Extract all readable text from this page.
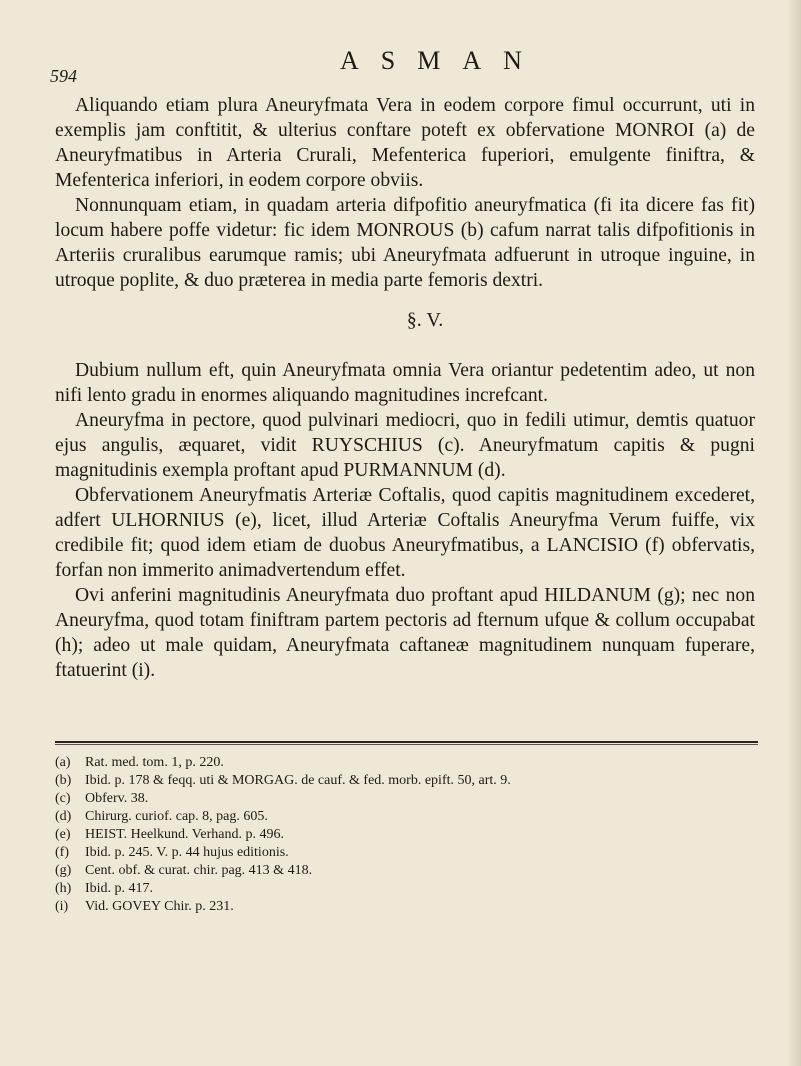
594
ASMAN

Aliquando etiam plura Aneuryfmata Vera in eodem corpore fimul occurrunt, uti in exemplis jam conftitit, & ulterius conftare poteft ex obfervatione MONROI (a) de Aneuryfmatibus in Arteria Crurali, Mefenterica fuperiori, emulgente finiftra, & Mefenterica inferiori, in eodem corpore obviis.

Nonnunquam etiam, in quadam arteria difpofitio aneuryfmatica (fi ita dicere fas fit) locum habere poffe videtur: fic idem MONROUS (b) cafum narrat talis difpofitionis in Arteriis cruralibus earumque ramis; ubi Aneuryfmata adfuerunt in utroque inguine, in utroque poplite, & duo præterea in media parte femoris dextri.

§. V.

Dubium nullum eft, quin Aneuryfmata omnia Vera oriantur pedetentim adeo, ut non nifi lento gradu in enormes aliquando magnitudines increfcant.

Aneuryfma in pectore, quod pulvinari mediocri, quo in fedili utimur, demtis quatuor ejus angulis, æquaret, vidit RUYSCHIUS (c). Aneuryfmatum capitis & pugni magnitudinis exempla proftant apud PURMANNUM (d).

Obfervationem Aneuryfmatis Arteriæ Coftalis, quod capitis magnitudinem excederet, adfert ULHORNIUS (e), licet, illud Arteriæ Coftalis Aneuryfma Verum fuiffe, vix credibile fit; quod idem etiam de duobus Aneuryfmatibus, a LANCISIO (f) obfervatis, forfan non immerito animadvertendum effet.

Ovi anferini magnitudinis Aneuryfmata duo proftant apud HILDANUM (g); nec non Aneuryfma, quod totam finiftram partem pectoris ad fternum ufque & collum occupabat (h); adeo ut male quidam, Aneuryfmata caftaneæ magnitudinem nunquam fuperare, ftatuerint (i).

(a) Rat. med. tom. 1, p. 220.

(b) Ibid. p. 178 & feqq. uti & MORGAG. de cauf. & fed. morb. epift. 50, art. 9.

(c) Obferv. 38.

(d) Chirurg. curiof. cap. 8, pag. 605.

(e) HEIST. Heelkund. Verhand. p. 496.

(f) Ibid. p. 245. V. p. 44 hujus editionis.

(g) Cent. obf. & curat. chir. pag. 413 & 418.

(h) Ibid. p. 417.

(i) Vid. GOVEY Chir. p. 231.
